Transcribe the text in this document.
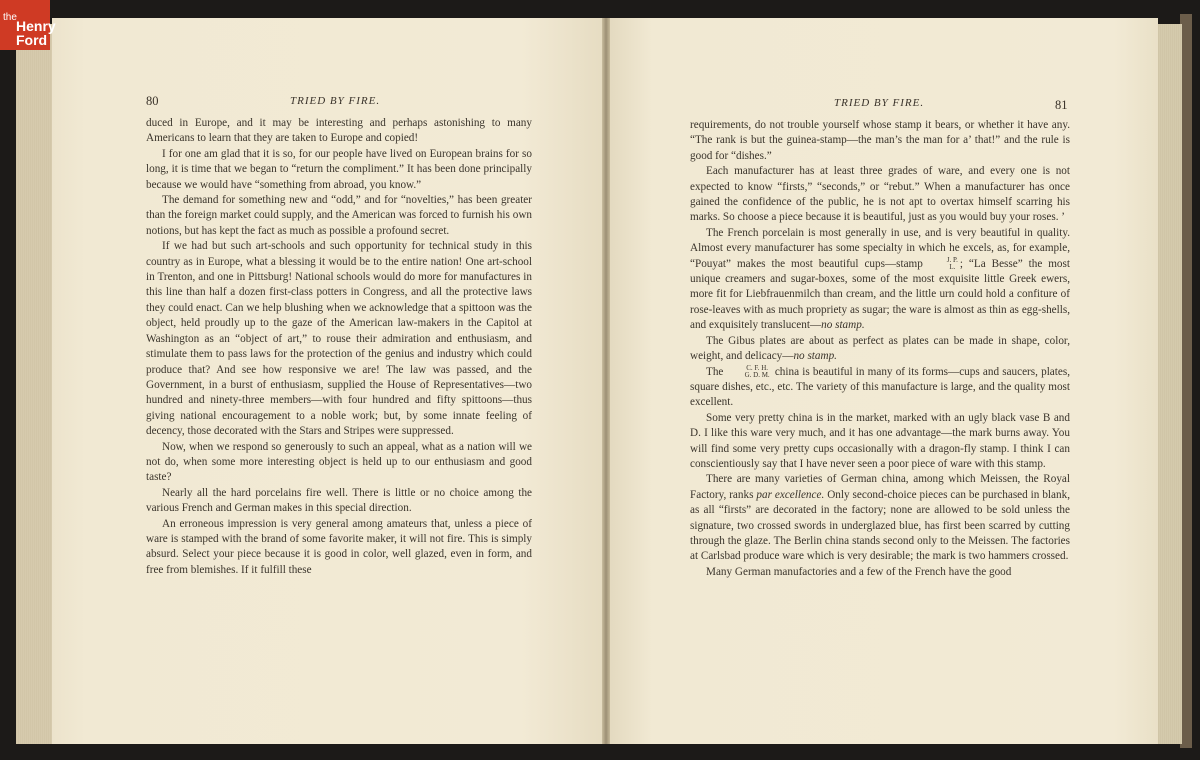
the
Henry
Ford
80	TRIED BY FIRE.

duced in Europe, and it may be interesting and perhaps astonishing to many Americans to learn that they are taken to Europe and copied!

I for one am glad that it is so, for our people have lived on European brains for so long, it is time that we began to “return the compliment.” It has been done principally because we would have “something from abroad, you know.”

The demand for something new and “odd,” and for “novelties,” has been greater than the foreign market could supply, and the American was forced to furnish his own notions, but has kept the fact as much as possible a profound secret.

If we had but such art-schools and such opportunity for technical study in this country as in Europe, what a blessing it would be to the entire nation! One art-school in Trenton, and one in Pittsburg! National schools would do more for manufactures in this line than half a dozen first-class potters in Congress, and all the protective laws they could enact. Can we help blushing when we acknowledge that a spittoon was the object, held proudly up to the gaze of the American law-makers in the Capitol at Washington as an “object of art,” to rouse their admiration and enthusiasm, and stimulate them to pass laws for the protection of the genius and industry which could produce that? And see how responsive we are! The law was passed, and the Government, in a burst of enthusiasm, supplied the House of Representatives—two hundred and ninety-three members—with four hundred and fifty spittoons—thus giving national encouragement to a noble work; but, by some innate feeling of decency, those decorated with the Stars and Stripes were suppressed.

Now, when we respond so generously to such an appeal, what as a nation will we not do, when some more interesting object is held up to our enthusiasm and good taste?

Nearly all the hard porcelains fire well. There is little or no choice among the various French and German makes in this special direction.

An erroneous impression is very general among amateurs that, unless a piece of ware is stamped with the brand of some favorite maker, it will not fire. This is simply absurd. Select your piece because it is good in color, well glazed, even in form, and free from blemishes. If it fulfill these

TRIED BY FIRE.	81

requirements, do not trouble yourself whose stamp it bears, or whether it have any. “The rank is but the guinea-stamp—the man’s the man for a’ that!” and the rule is good for “dishes.”

Each manufacturer has at least three grades of ware, and every one is not expected to know “firsts,” “seconds,” or “rebut.” When a manufacturer has once gained the confidence of the public, he is not apt to overtax himself scarring his marks. So choose a piece because it is beautiful, just as you would buy your roses. ’

The French porcelain is most generally in use, and is very beautiful in quality. Almost every manufacturer has some specialty in which he excels, as, for example, “Pouyat” makes the most beautiful cups—stamp	J. P.
L. ; “La Besse” the most unique creamers and sugar-boxes, some of the most exquisite little Greek ewers, more fit for Liebfrauenmilch than cream, and the little urn could hold a confiture of rose-leaves with as much propriety as sugar; the ware is almost as thin as egg-shells, and exquisitely translucent—no stamp.

The Gibus plates are about as perfect as plates can be made in shape, color, weight, and delicacy—no stamp.

The	C. F. H.
G. D. M. china is beautiful in many of its forms—cups and saucers, plates, square dishes, etc., etc. The variety of this manufacture is large, and the quality most excellent.

Some very pretty china is in the market, marked with an ugly black vase B and D. I like this ware very much, and it has one advantage—the mark burns away. You will find some very pretty cups occasionally with a dragon-fly stamp. I think I can conscientiously say that I have never seen a poor piece of ware with this stamp.

There are many varieties of German china, among which Meissen, the Royal Factory, ranks par excellence. Only second-choice pieces can be purchased in blank, as all “firsts” are decorated in the factory; none are allowed to be sold unless the signature, two crossed swords in underglazed blue, has first been scarred by cutting through the glaze. The Berlin china stands second only to the Meissen. The factories at Carlsbad produce ware which is very desirable; the mark is two hammers crossed.

Many German manufactories and a few of the French have the good
